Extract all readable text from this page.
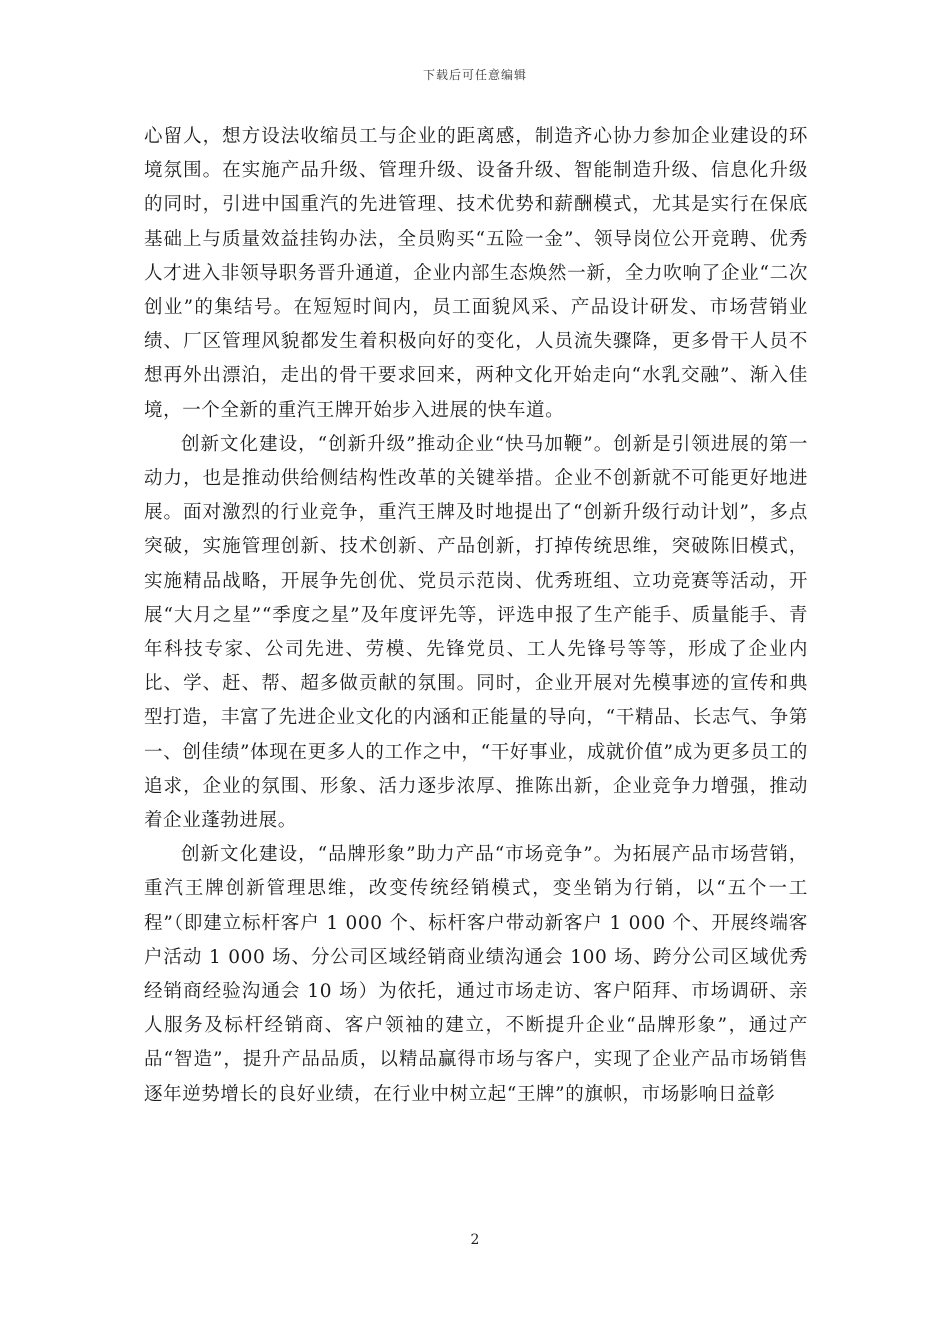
下载后可任意编辑

心留人，想方设法收缩员工与企业的距离感，制造齐心协力参加企业建设的环境氛围。在实施产品升级、管理升级、设备升级、智能制造升级、信息化升级的同时，引进中国重汽的先进管理、技术优势和薪酬模式，尤其是实行在保底基础上与质量效益挂钩办法，全员购买“五险一金”、领导岗位公开竞聘、优秀人才进入非领导职务晋升通道，企业内部生态焕然一新，全力吹响了企业“二次创业”的集结号。在短短时间内，员工面貌风采、产品设计研发、市场营销业绩、厂区管理风貌都发生着积极向好的变化，人员流失骤降，更多骨干人员不想再外出漂泊，走出的骨干要求回来，两种文化开始走向“水乳交融”、渐入佳境，一个全新的重汽王牌开始步入进展的快车道。

创新文化建设，“创新升级”推动企业“快马加鞭”。创新是引领进展的第一动力，也是推动供给侧结构性改革的关键举措。企业不创新就不可能更好地进展。面对激烈的行业竞争，重汽王牌及时地提出了“创新升级行动计划”，多点突破，实施管理创新、技术创新、产品创新，打掉传统思维，突破陈旧模式，实施精品战略，开展争先创优、党员示范岗、优秀班组、立功竞赛等活动，开展“大月之星”“季度之星”及年度评先等，评选申报了生产能手、质量能手、青年科技专家、公司先进、劳模、先锋党员、工人先锋号等等，形成了企业内比、学、赶、帮、超多做贡献的氛围。同时，企业开展对先模事迹的宣传和典型打造，丰富了先进企业文化的内涵和正能量的导向，“干精品、长志气、争第一、创佳绩”体现在更多人的工作之中，“干好事业，成就价值”成为更多员工的追求，企业的氛围、形象、活力逐步浓厚、推陈出新，企业竞争力增强，推动着企业蓬勃进展。

创新文化建设，“品牌形象”助力产品“市场竞争”。为拓展产品市场营销，重汽王牌创新管理思维，改变传统经销模式，变坐销为行销，以“五个一工程”（即建立标杆客户 1 000 个、标杆客户带动新客户 1 000 个、开展终端客户活动 1 000 场、分公司区域经销商业绩沟通会 100 场、跨分公司区域优秀经销商经验沟通会 10 场）为依托，通过市场走访、客户陌拜、市场调研、亲人服务及标杆经销商、客户领袖的建立，不断提升企业“品牌形象”，通过产品“智造”，提升产品品质，以精品赢得市场与客户，实现了企业产品市场销售逐年逆势增长的良好业绩，在行业中树立起“王牌”的旗帜，市场影响日益彰

2
